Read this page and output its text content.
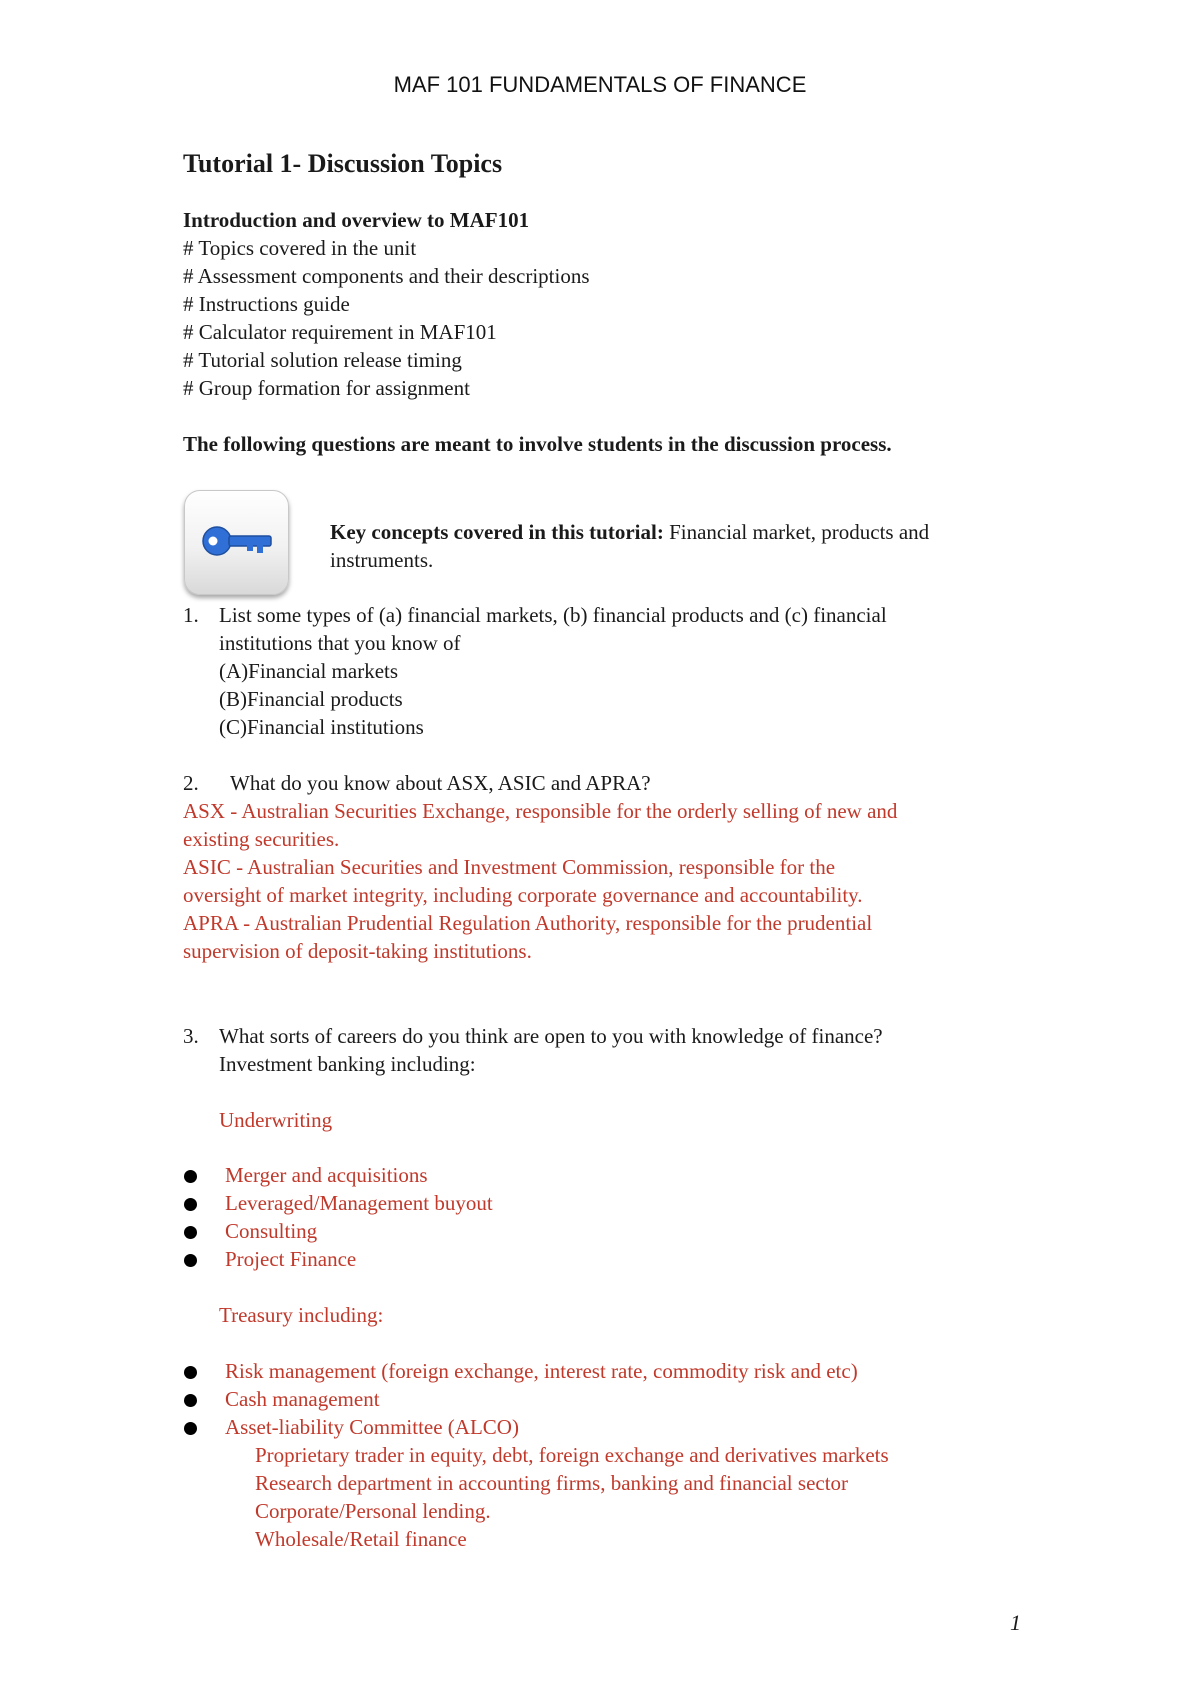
MAF 101 FUNDAMENTALS OF FINANCE
Tutorial 1- Discussion Topics
Introduction and overview to MAF101
# Topics covered in the unit
# Assessment components and their descriptions
# Instructions guide
# Calculator requirement in MAF101
# Tutorial solution release timing
# Group formation for assignment
The following questions are meant to involve students in the discussion process.
Key concepts covered in this tutorial: Financial market, products and
instruments.
1. List some types of (a) financial markets, (b) financial products and (c) financial
institutions that you know of
(A)Financial markets
(B)Financial products
(C)Financial institutions
2. What do you know about ASX, ASIC and APRA?
ASX - Australian Securities Exchange, responsible for the orderly selling of new and
existing securities.
ASIC - Australian Securities and Investment Commission, responsible for the
oversight of market integrity, including corporate governance and accountability.
APRA - Australian Prudential Regulation Authority, responsible for the prudential
supervision of deposit-taking institutions.
3. What sorts of careers do you think are open to you with knowledge of finance?
Investment banking including:
Underwriting
Merger and acquisitions
Leveraged/Management buyout
Consulting
Project Finance
Treasury including:
Risk management (foreign exchange, interest rate, commodity risk and etc)
Cash management
Asset-liability Committee (ALCO)
Proprietary trader in equity, debt, foreign exchange and derivatives markets
Research department in accounting firms, banking and financial sector
Corporate/Personal lending.
Wholesale/Retail finance
1
